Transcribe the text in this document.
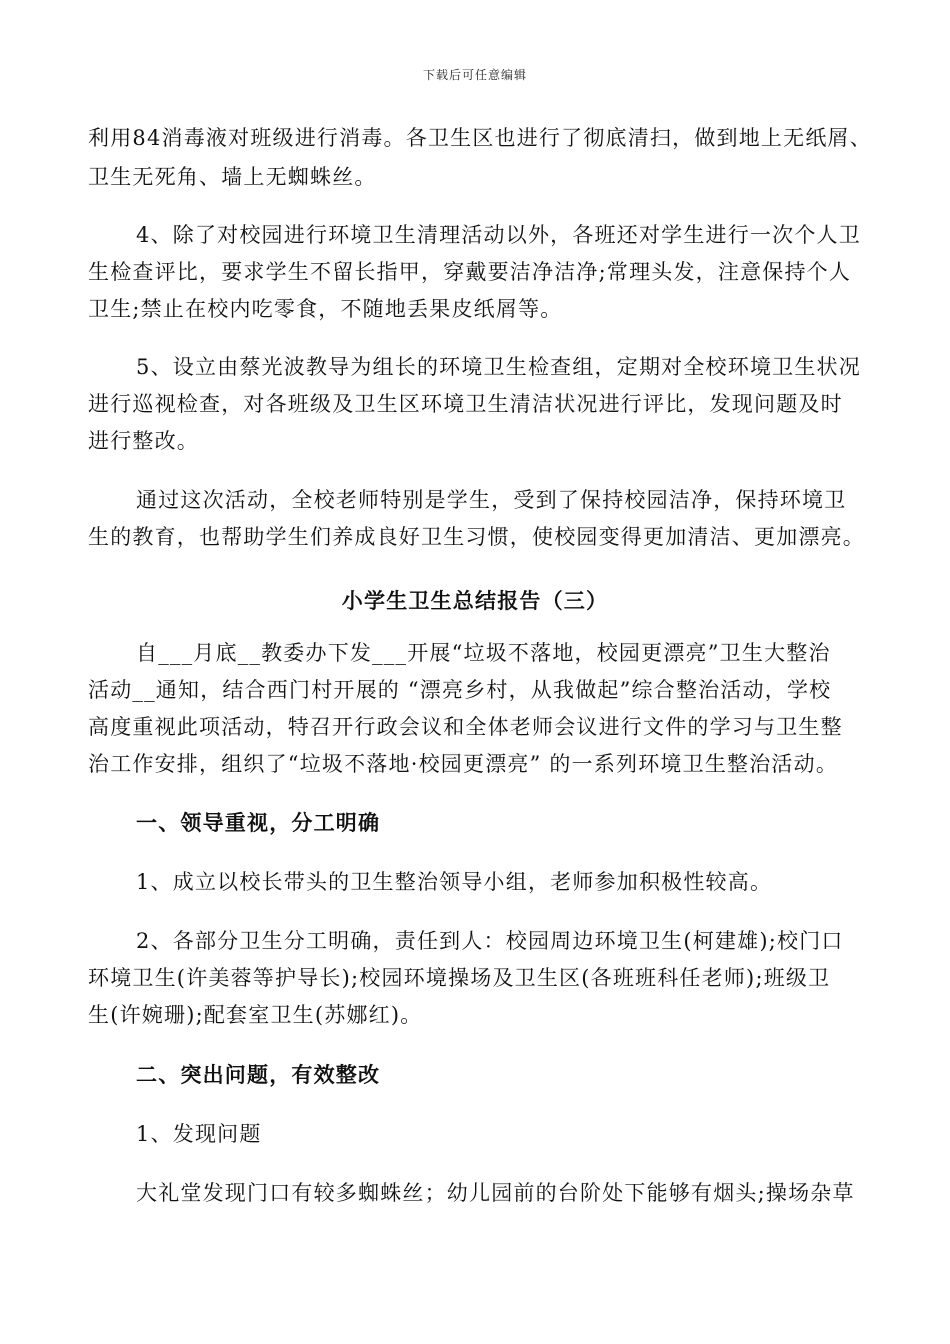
下载后可任意编辑
利用84消毒液对班级进行消毒。各卫生区也进行了彻底清扫，做到地上无纸屑、
卫生无死角、墙上无蜘蛛丝。
4、除了对校园进行环境卫生清理活动以外，各班还对学生进行一次个人卫
生检查评比，要求学生不留长指甲，穿戴要洁净洁净;常理头发，注意保持个人
卫生;禁止在校内吃零食，不随地丢果皮纸屑等。
5、设立由蔡光波教导为组长的环境卫生检查组，定期对全校环境卫生状况
进行巡视检查，对各班级及卫生区环境卫生清洁状况进行评比，发现问题及时
进行整改。
通过这次活动，全校老师特别是学生，受到了保持校园洁净，保持环境卫
生的教育，也帮助学生们养成良好卫生习惯，使校园变得更加清洁、更加漂亮。
小学生卫生总结报告（三）
自___月底__教委办下发___开展“垃圾不落地，校园更漂亮”卫生大整治
活动__通知，结合西门村开展的 “漂亮乡村，从我做起”综合整治活动，学校
高度重视此项活动，特召开行政会议和全体老师会议进行文件的学习与卫生整
治工作安排，组织了“垃圾不落地·校园更漂亮” 的一系列环境卫生整治活动。
一、领导重视，分工明确
1、成立以校长带头的卫生整治领导小组，老师参加积极性较高。
2、各部分卫生分工明确，责任到人：校园周边环境卫生(柯建雄);校门口
环境卫生(许美蓉等护导长);校园环境操场及卫生区(各班班科任老师);班级卫
生(许婉珊);配套室卫生(苏娜红)。
二、突出问题，有效整改
1、发现问题
大礼堂发现门口有较多蜘蛛丝；幼儿园前的台阶处下能够有烟头;操场杂草
